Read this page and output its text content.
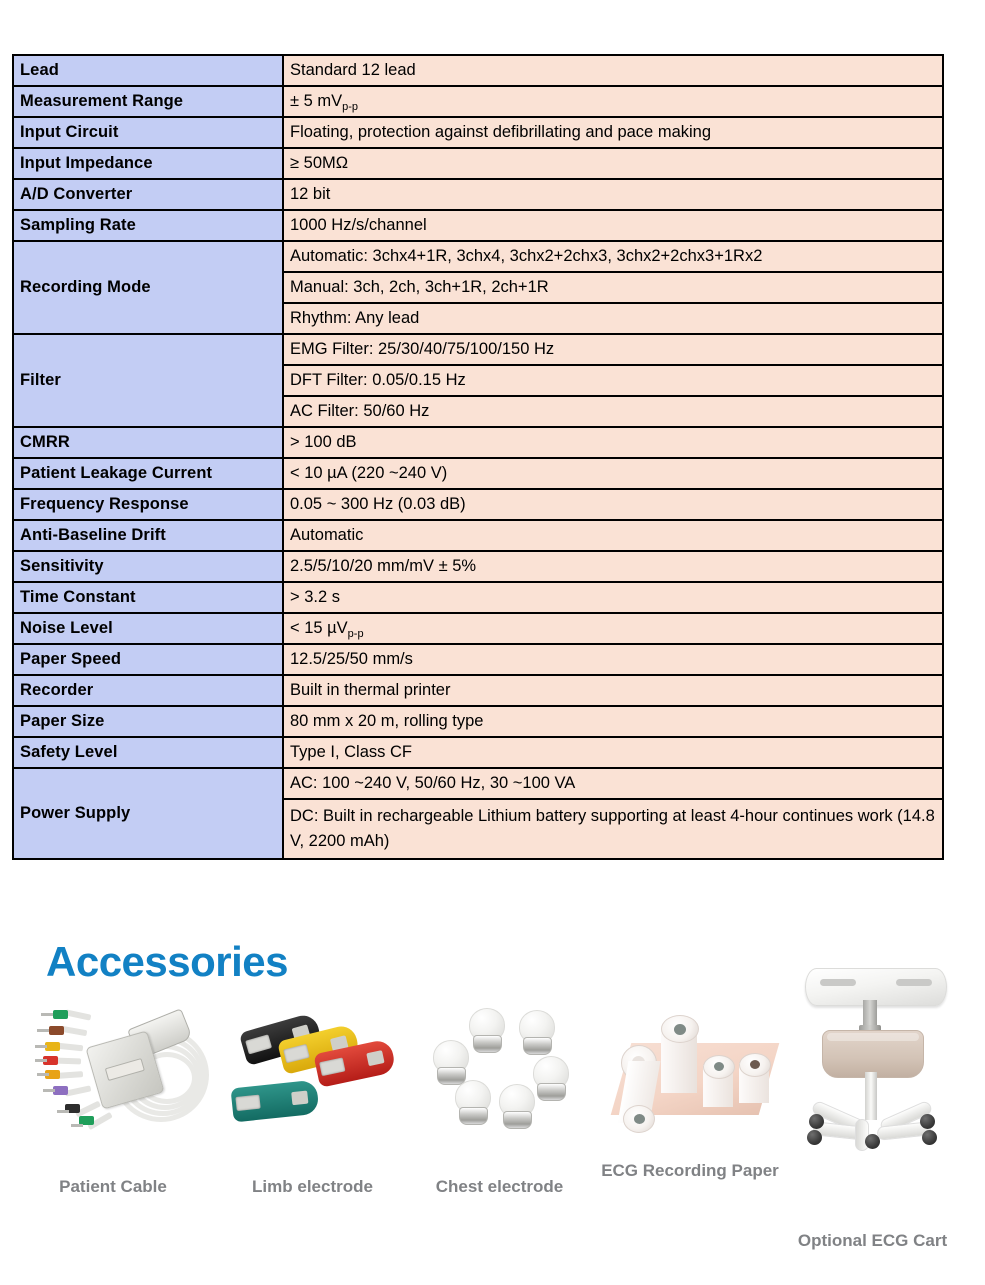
Lead	Standard 12 lead
Measurement Range	± 5 $mV_{p-p}$
Input Circuit	Floating, protection against defibrillating and pace making
Input Impedance	≥ 50MΩ
A/D Converter	12 bit
Sampling Rate	1000 Hz/s/channel
Recording Mode	Automatic: 3chx4+1R, 3chx4, 3chx2+2chx3, 3chx2+2chx3+1Rx2
	Manual: 3ch, 2ch, 3ch+1R, 2ch+1R
	Rhythm: Any lead
Filter	EMG Filter: 25/30/40/75/100/150 Hz
	DFT Filter: 0.05/0.15 Hz
	AC Filter: 50/60 Hz
CMRR	> 100 dB
Patient Leakage Current	< 10 µA (220 ~240 V)
Frequency Response	0.05 ~ 300 Hz (0.03 dB)
Anti-Baseline Drift	Automatic
Sensitivity	2.5/5/10/20 mm/mV ± 5%
Time Constant	> 3.2 s
Noise Level	< 15 µV$_{p-p}$
Paper Speed	12.5/25/50 mm/s
Recorder	Built in thermal printer
Paper Size	80 mm x 20 m, rolling type
Safety Level	Type I, Class CF
Power Supply	AC: 100 ~240 V, 50/60 Hz, 30 ~100 VA
	DC: Built in rechargeable Lithium battery supporting at least 4-hour continues work (14.8 V, 2200 mAh)
Accessories
Patient Cable	Limb electrode	Chest electrode
ECG Recording Paper
Optional ECG Cart
